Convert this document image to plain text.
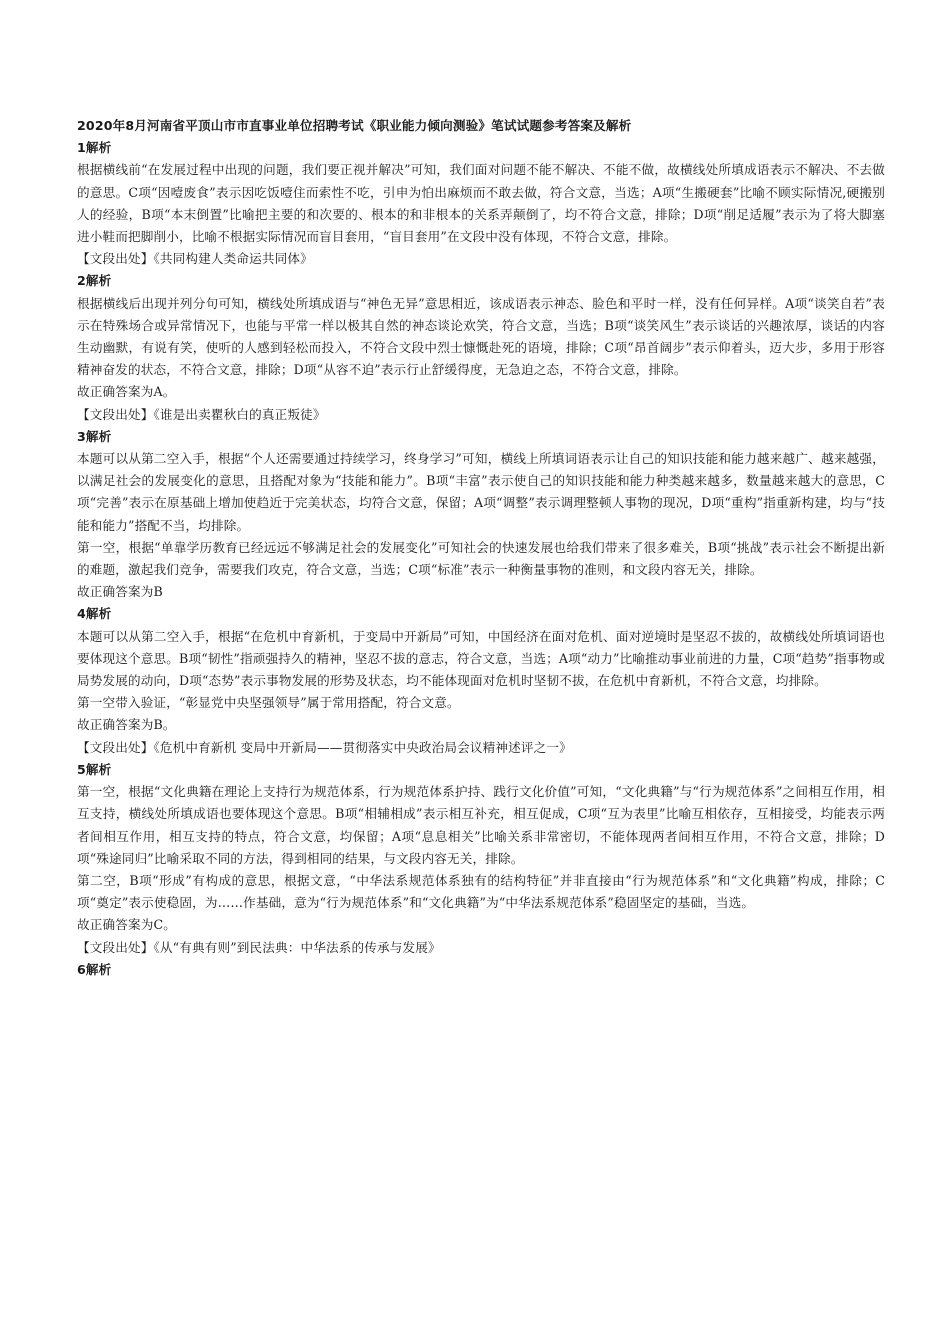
2020年8月河南省平顶山市市直事业单位招聘考试《职业能力倾向测验》笔试试题参考答案及解析

1解析

根据横线前“在发展过程中出现的问题，我们要正视并解决”可知，我们面对问题不能不解决、不能不做，故横线处所填成语表示不解决、不去做的意思。C项“因噎废食”表示因吃饭噎住而索性不吃，引申为怕出麻烦而不敢去做，符合文意，当选；A项“生搬硬套”比喻不顾实际情况,硬搬别人的经验，B项“本末倒置”比喻把主要的和次要的、根本的和非根本的关系弄颠倒了，均不符合文意，排除；D项“削足适履”表示为了将大脚塞进小鞋而把脚削小，比喻不根据实际情况而盲目套用，“盲目套用”在文段中没有体现，不符合文意，排除。

【文段出处】《共同构建人类命运共同体》

2解析

根据横线后出现并列分句可知，横线处所填成语与“神色无异”意思相近，该成语表示神态、脸色和平时一样，没有任何异样。A项“谈笑自若”表示在特殊场合或异常情况下，也能与平常一样以极其自然的神态谈论欢笑，符合文意，当选；B项“谈笑风生”表示谈话的兴趣浓厚，谈话的内容生动幽默，有说有笑，使听的人感到轻松而投入，不符合文段中烈士慷慨赴死的语境，排除；C项“昂首阔步”表示仰着头，迈大步，多用于形容精神奋发的状态，不符合文意，排除；D项“从容不迫”表示行止舒缓得度，无急迫之态，不符合文意，排除。

故正确答案为A。

【文段出处】《谁是出卖瞿秋白的真正叛徒》

3解析

本题可以从第二空入手，根据“个人还需要通过持续学习，终身学习”可知，横线上所填词语表示让自己的知识技能和能力越来越广、越来越强，以满足社会的发展变化的意思，且搭配对象为“技能和能力”。B项“丰富”表示使自己的知识技能和能力种类越来越多，数量越来越大的意思，C项“完善”表示在原基础上增加使趋近于完美状态，均符合文意，保留；A项“调整”表示调理整顿人事物的现况，D项“重构”指重新构建，均与“技能和能力”搭配不当，均排除。

第一空，根据“单靠学历教育已经远远不够满足社会的发展变化”可知社会的快速发展也给我们带来了很多难关，B项“挑战”表示社会不断提出新的难题，激起我们竞争，需要我们攻克，符合文意，当选；C项“标准”表示一种衡量事物的准则，和文段内容无关，排除。

故正确答案为B

4解析

本题可以从第二空入手，根据“在危机中育新机，于变局中开新局”可知，中国经济在面对危机、面对逆境时是坚忍不拔的，故横线处所填词语也要体现这个意思。B项“韧性”指顽强持久的精神，坚忍不拔的意志，符合文意，当选；A项“动力”比喻推动事业前进的力量，C项“趋势”指事物或局势发展的动向，D项“态势”表示事物发展的形势及状态，均不能体现面对危机时坚韧不拔，在危机中育新机，不符合文意，均排除。

第一空带入验证，“彰显党中央坚强领导”属于常用搭配，符合文意。

故正确答案为B。

【文段出处】《危机中育新机 变局中开新局——贯彻落实中央政治局会议精神述评之一》

5解析

第一空，根据“文化典籍在理论上支持行为规范体系，行为规范体系护持、践行文化价值”可知，“文化典籍”与“行为规范体系”之间相互作用，相互支持，横线处所填成语也要体现这个意思。B项“相辅相成”表示相互补充，相互促成，C项“互为表里”比喻互相依存，互相接受，均能表示两者间相互作用，相互支持的特点，符合文意，均保留；A项“息息相关”比喻关系非常密切，不能体现两者间相互作用，不符合文意，排除；D项“殊途同归”比喻采取不同的方法，得到相同的结果，与文段内容无关，排除。

第二空，B项“形成”有构成的意思，根据文意，“中华法系规范体系独有的结构特征”并非直接由“行为规范体系”和“文化典籍”构成，排除；C项“奠定”表示使稳固，为……作基础，意为“行为规范体系”和“文化典籍”为“中华法系规范体系”稳固坚定的基础，当选。

故正确答案为C。

【文段出处】《从“有典有则”到民法典：中华法系的传承与发展》

6解析
